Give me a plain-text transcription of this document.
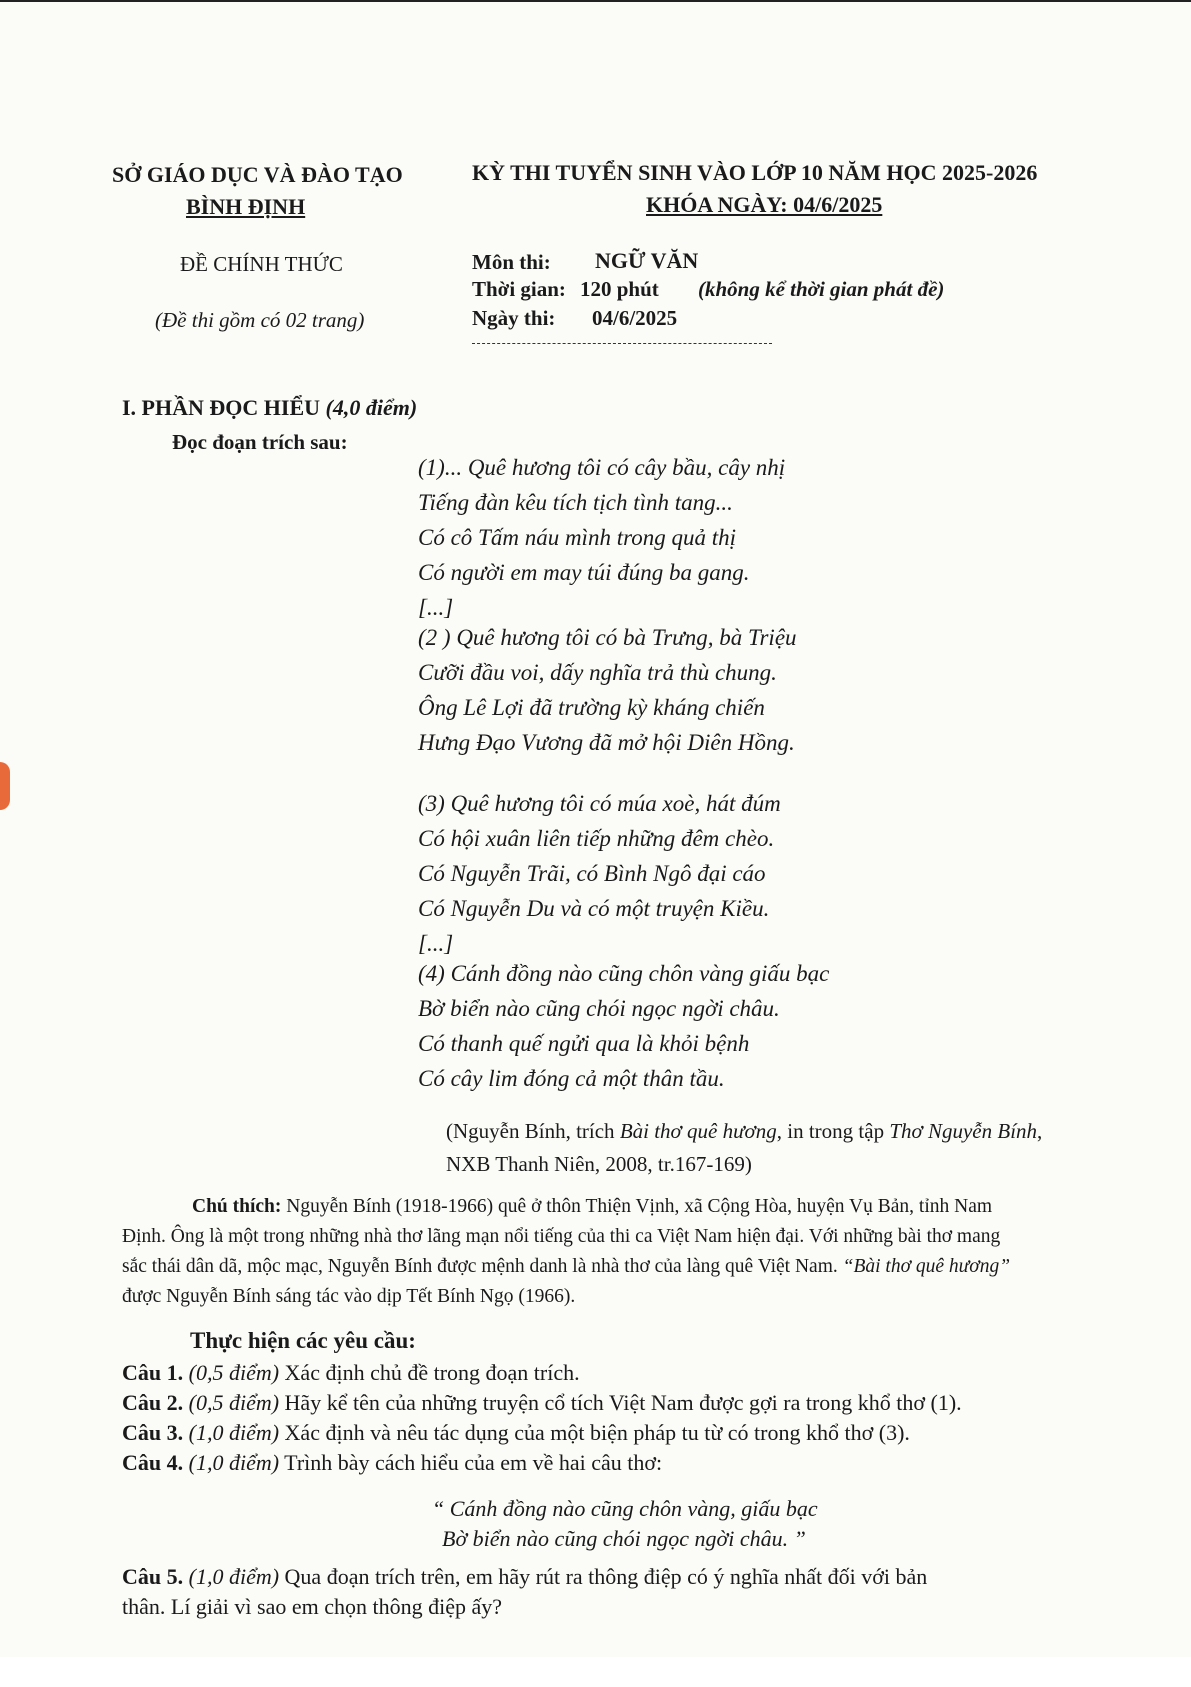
SỞ GIÁO DỤC VÀ ĐÀO TẠO
BÌNH ĐỊNH
KỲ THI TUYỂN SINH VÀO LỚP 10 NĂM HỌC 2025-2026
KHÓA NGÀY: 04/6/2025
ĐỀ CHÍNH THỨC
(Đề thi gồm có 02 trang)
Môn thi: NGỮ VĂN
Thời gian: 120 phút (không kể thời gian phát đề)
Ngày thi: 04/6/2025
I. PHẦN ĐỌC HIỂU (4,0 điểm)
Đọc đoạn trích sau:
(1)... Quê hương tôi có cây bầu, cây nhị
Tiếng đàn kêu tích tịch tình tang...
Có cô Tấm náu mình trong quả thị
Có người em may túi đúng ba gang.
[...]
(2 ) Quê hương tôi có bà Trưng, bà Triệu
Cưỡi đầu voi, dấy nghĩa trả thù chung.
Ông Lê Lợi đã trường kỳ kháng chiến
Hưng Đạo Vương đã mở hội Diên Hồng.
(3) Quê hương tôi có múa xoè, hát đúm
Có hội xuân liên tiếp những đêm chèo.
Có Nguyễn Trãi, có Bình Ngô đại cáo
Có Nguyễn Du và có một truyện Kiều.
[...]
(4) Cánh đồng nào cũng chôn vàng giấu bạc
Bờ biển nào cũng chói ngọc ngời châu.
Có thanh quế ngửi qua là khỏi bệnh
Có cây lim đóng cả một thân tầu.
(Nguyễn Bính, trích Bài thơ quê hương, in trong tập Thơ Nguyễn Bính,
NXB Thanh Niên, 2008, tr.167-169)
Chú thích: Nguyễn Bính (1918-1966) quê ở thôn Thiện Vịnh, xã Cộng Hòa, huyện Vụ Bản, tỉnh Nam
Định. Ông là một trong những nhà thơ lãng mạn nổi tiếng của thi ca Việt Nam hiện đại. Với những bài thơ mang
sắc thái dân dã, mộc mạc, Nguyễn Bính được mệnh danh là nhà thơ của làng quê Việt Nam. “Bài thơ quê hương”
được Nguyễn Bính sáng tác vào dịp Tết Bính Ngọ (1966).
Thực hiện các yêu cầu:
Câu 1. (0,5 điểm) Xác định chủ đề trong đoạn trích.
Câu 2. (0,5 điểm) Hãy kể tên của những truyện cổ tích Việt Nam được gợi ra trong khổ thơ (1).
Câu 3. (1,0 điểm) Xác định và nêu tác dụng của một biện pháp tu từ có trong khổ thơ (3).
Câu 4. (1,0 điểm) Trình bày cách hiểu của em về hai câu thơ:
“ Cánh đồng nào cũng chôn vàng, giấu bạc
Bờ biển nào cũng chói ngọc ngời châu. ”
Câu 5. (1,0 điểm) Qua đoạn trích trên, em hãy rút ra thông điệp có ý nghĩa nhất đối với bản
thân. Lí giải vì sao em chọn thông điệp ấy?
